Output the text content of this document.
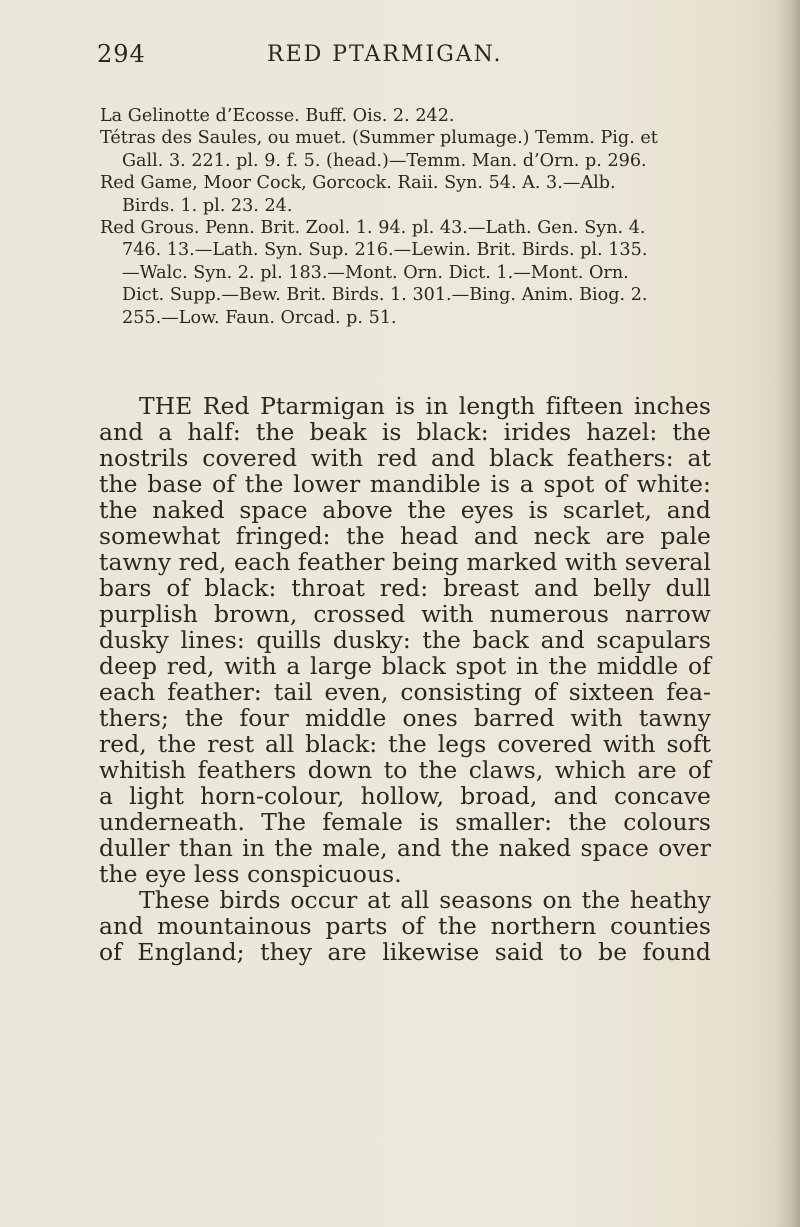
294	RED PTARMIGAN.
La Gelinotte d’Ecosse. Buff. Ois. 2. 242.
Tétras des Saules, ou muet. (Summer plumage.) Temm. Pig. et
Gall. 3. 221. pl. 9. f. 5. (head.)—Temm. Man. d’Orn. p. 296.
Red Game, Moor Cock, Gorcock. Raii. Syn. 54. A. 3.—Alb.
Birds. 1. pl. 23. 24.
Red Grous. Penn. Brit. Zool. 1. 94. pl. 43.—Lath. Gen. Syn. 4.
746. 13.—Lath. Syn. Sup. 216.—Lewin. Brit. Birds. pl. 135.
—Walc. Syn. 2. pl. 183.—Mont. Orn. Dict. 1.—Mont. Orn.
Dict. Supp.—Bew. Brit. Birds. 1. 301.—Bing. Anim. Biog. 2.
255.—Low. Faun. Orcad. p. 51.

THE Red Ptarmigan is in length fifteen inches
and a half: the beak is black: irides hazel: the
nostrils covered with red and black feathers: at
the base of the lower mandible is a spot of white:
the naked space above the eyes is scarlet, and
somewhat fringed: the head and neck are pale
tawny red, each feather being marked with several
bars of black: throat red: breast and belly dull
purplish brown, crossed with numerous narrow
dusky lines: quills dusky: the back and scapulars
deep red, with a large black spot in the middle of
each feather: tail even, consisting of sixteen fea-
thers; the four middle ones barred with tawny
red, the rest all black: the legs covered with soft
whitish feathers down to the claws, which are of
a light horn-colour, hollow, broad, and concave
underneath. The female is smaller: the colours
duller than in the male, and the naked space over
the eye less conspicuous.

These birds occur at all seasons on the heathy
and mountainous parts of the northern counties
of England; they are likewise said to be found
